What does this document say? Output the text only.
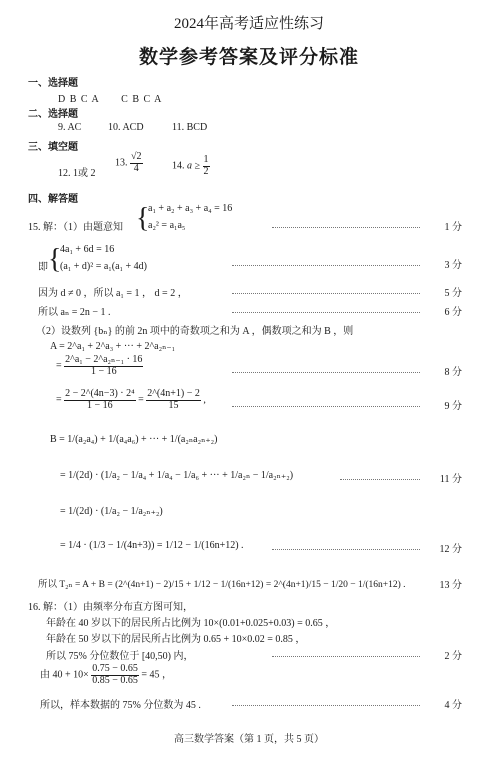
2024年高考适应性练习
数学参考答案及评分标准
一、选择题
D B C A　　C B C A
二、选择题
9. AC	10. ACD	11. BCD
三、填空题
12. 1或 2
13. $\frac{√2}{4}$	14. $a \ge \frac{1}{2}$
四、解答题
15. 解：（1）由题意知 {
a₁ + a₂ + a₃ + a₄ = 16
a₂² = a₁a₅	1 分
即 {
4a₁ + 6d = 16
(a₁ + d)² = a₁(a₁ + 4d)	3 分
因为 d ≠ 0 ，所以 a₁ = 1 ， d = 2 ，	5 分
所以 aₙ = 2n − 1 .	6 分
（2）设数列 {bₙ} 的前 2n 项中的奇数项之和为 A ，偶数项之和为 B ，则
A = 2^a₁ + 2^a₃ + ··· + 2^a₂ₙ₋₁
= $\frac{\text{2\textasciicircum{}a₁ − 2\textasciicircum{}a₂ₙ₋₁ · 16}}{1 - 16}$	8 分
= $\frac{\text{2 − 2\textasciicircum{}(4n−3) · 2⁴}}{1 - 16} = \frac{2\^{}(4n+1) - 2}{15}$ ,
9 分
B = 1/(a₂a₄) + 1/(a₄a₆) + ··· + 1/(a₂ₙa₂ₙ₊₂)
= 1/(2d) · (1/a₂ − 1/a₄ + 1/a₄ − 1/a₆ + ··· + 1/a₂ₙ − 1/a₂ₙ₊₂)	11 分
= 1/(2d) · (1/a₂ − 1/a₂ₙ₊₂)
= 1/4 · (1/3 − 1/(4n+3)) = 1/12 − 1/(16n+12) .	12 分
所以 T₂ₙ = A + B = (2^(4n+1) − 2)/15 + 1/12 − 1/(16n+12) = 2^(4n+1)/15 − 1/20 − 1/(16n+12) .	13 分
16. 解：（1）由频率分布直方图可知，
年龄在 40 岁以下的居民所占比例为 10×(0.01+0.025+0.03) = 0.65 ，
年龄在 50 岁以下的居民所占比例为 0.65 + 10×0.02 = 0.85 ，
所以 75% 分位数位于 [40,50) 内，	2 分
由 $40 + 10\times \frac{0.75 - 0.65}{0.85 - 0.65} = 45$ ，
所以，样本数据的 75% 分位数为 45 .	4 分
高三数学答案（第 1 页，共 5 页）
